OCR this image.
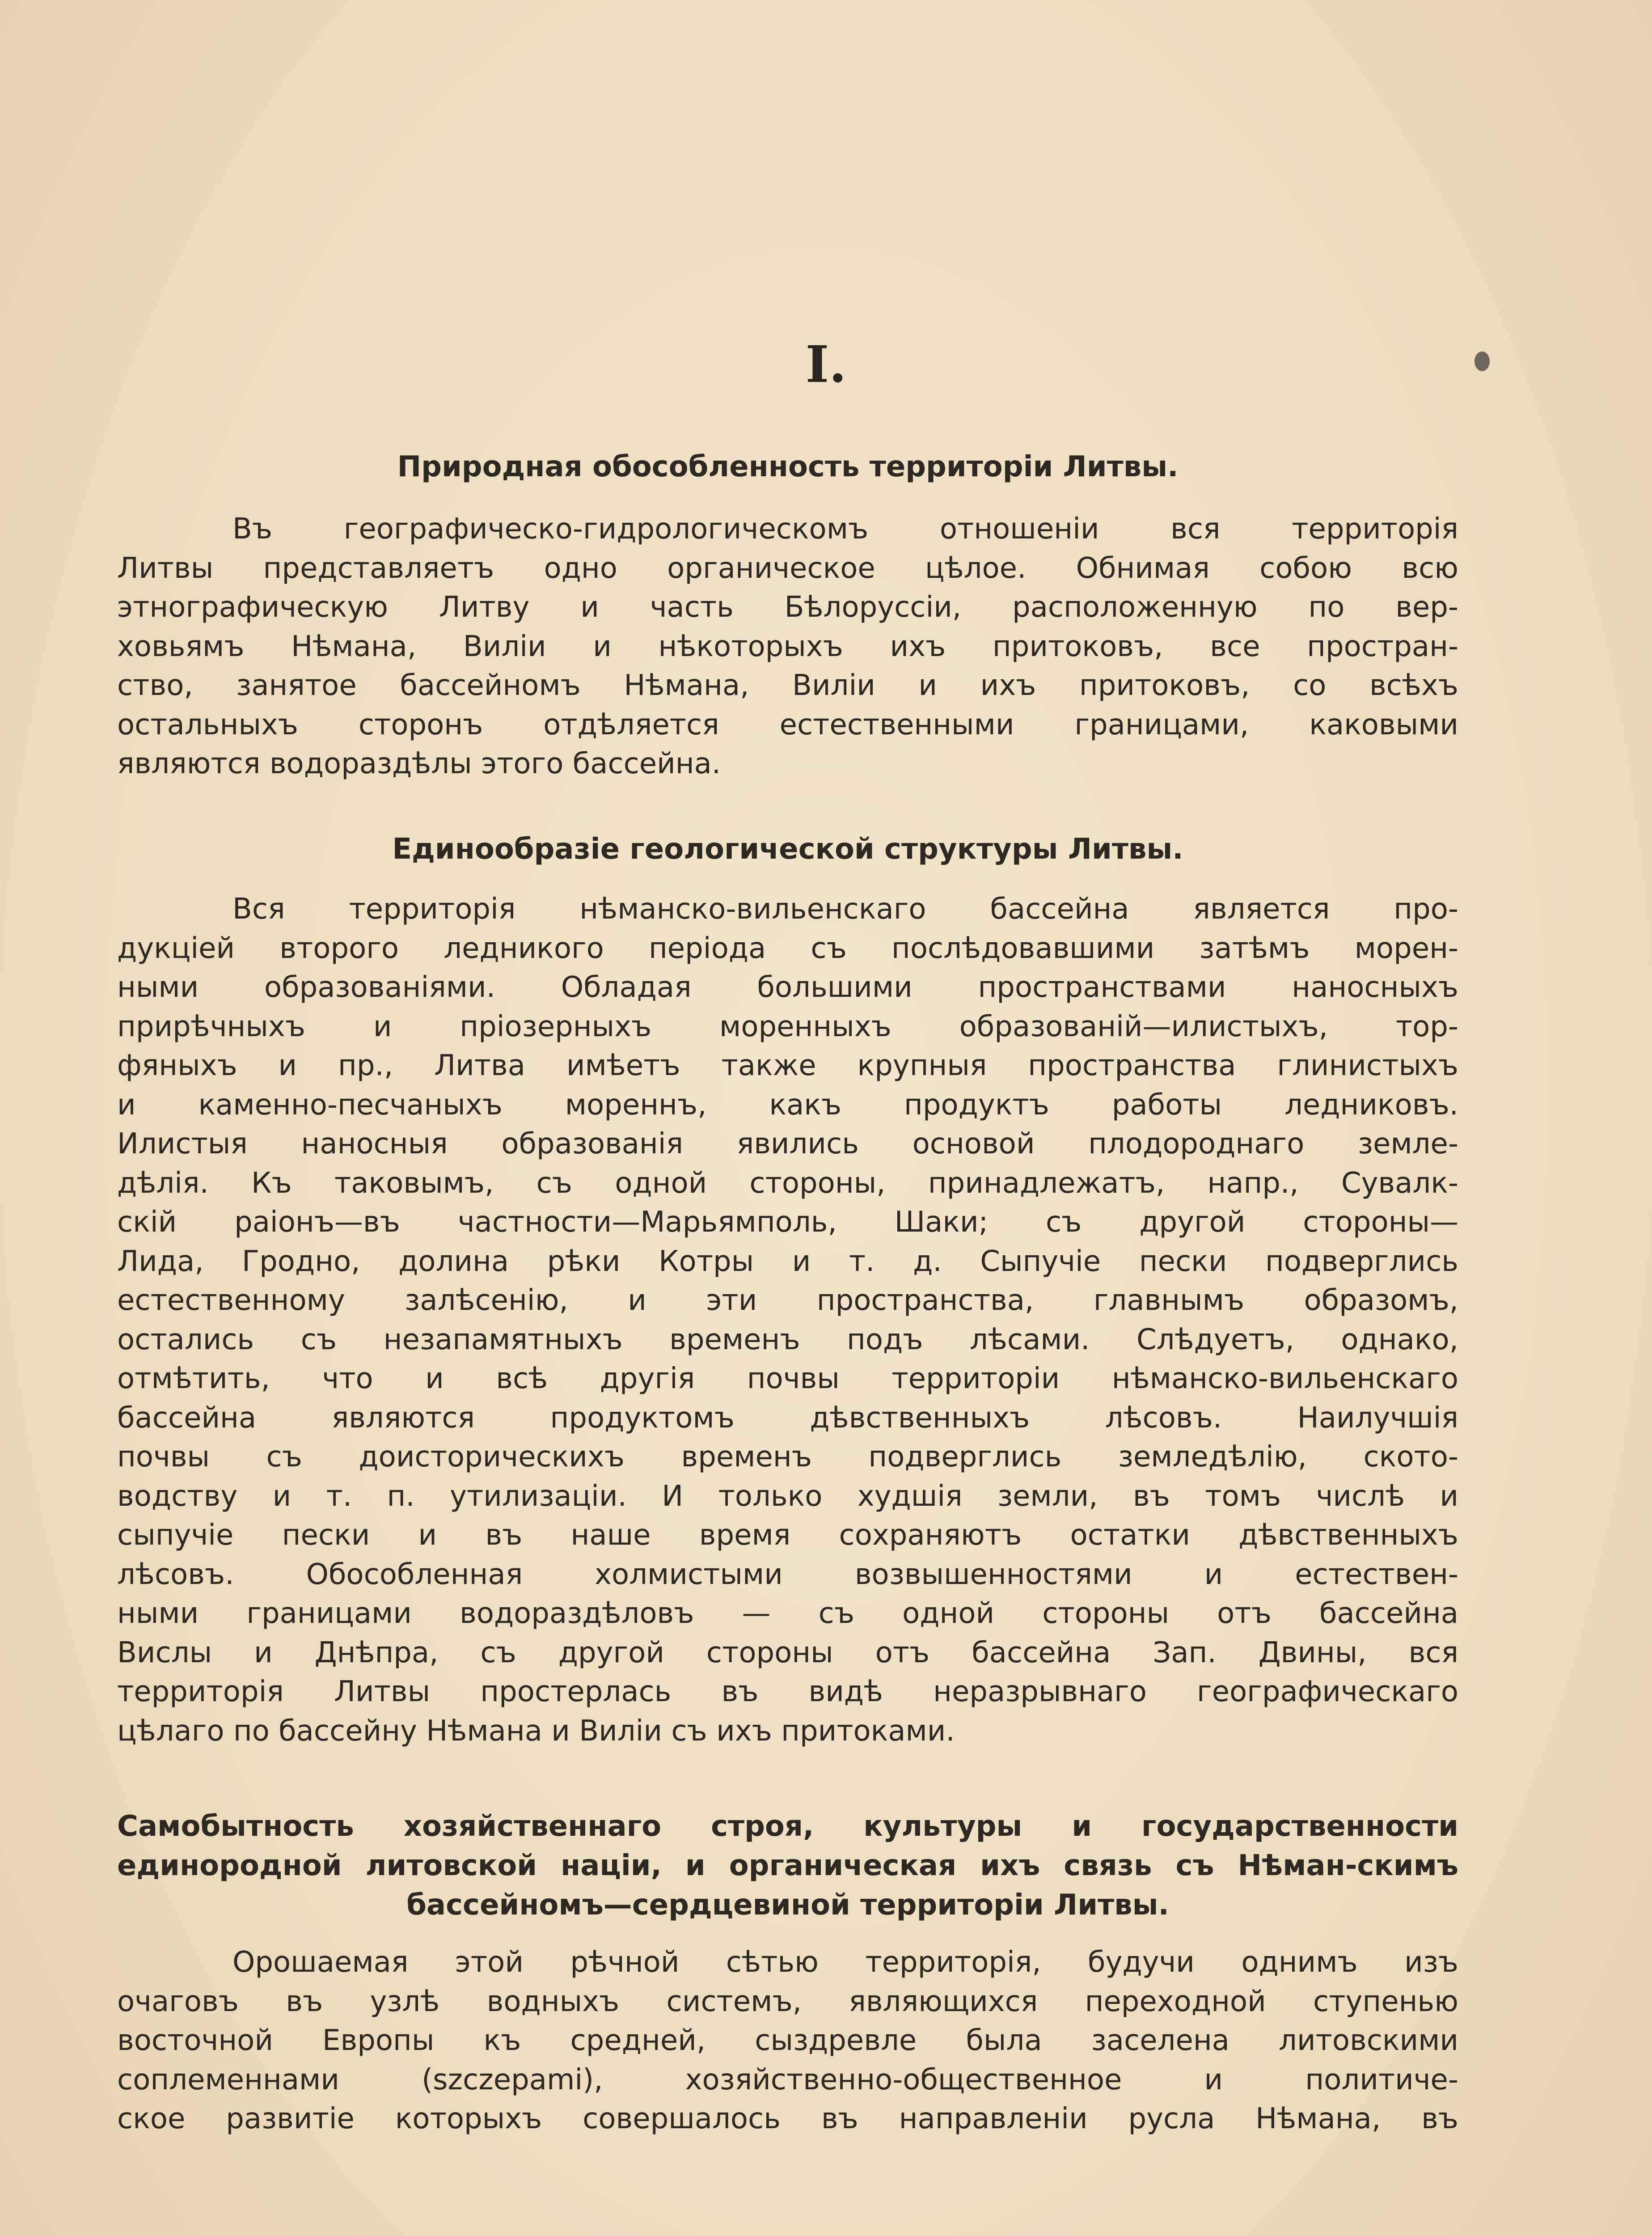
I.
Природная обособленность территорiи Литвы.
Въ географическо-гидрологическомъ отношенiи вся территорiя
Литвы представляетъ одно органическое цѣлое. Обнимая собою всю
этнографическую Литву и часть Бѣлоруссiи, расположенную по вер-
ховьямъ Нѣмана, Вилiи и нѣкоторыхъ ихъ притоковъ, все простран-
ство, занятое бассейномъ Нѣмана, Вилiи и ихъ притоковъ, со всѣхъ
остальныхъ сторонъ отдѣляется естественными границами, каковыми
являются водораздѣлы этого бассейна.
Единообразiе геологической структуры Литвы.
Вся территорiя нѣманско-вильенскаго бассейна является про-
дукцiей второго ледникого перiода съ послѣдовавшими затѣмъ морен-
ными образованiями. Обладая большими пространствами наносныхъ
прирѣчныхъ и прiозерныхъ моренныхъ образованiй—илистыхъ, тор-
фяныхъ и пр., Литва имѣетъ также крупныя пространства глинистыхъ
и каменно-песчаныхъ мореннъ, какъ продуктъ работы ледниковъ.
Илистыя наносныя образованiя явились основой плодороднаго земле-
дѣлiя. Къ таковымъ, съ одной стороны, принадлежатъ, напр., Сувалк-
скiй раiонъ—въ частности—Марьямполь, Шаки; съ другой стороны—
Лида, Гродно, долина рѣки Котры и т. д. Сыпучiе пески подверглись
естественному залѣсенiю, и эти пространства, главнымъ образомъ,
остались съ незапамятныхъ временъ подъ лѣсами. Слѣдуетъ, однако,
отмѣтить, что и всѣ другiя почвы территорiи нѣманско-вильенскаго
бассейна являются продуктомъ дѣвственныхъ лѣсовъ. Наилучшiя
почвы съ доисторическихъ временъ подверглись земледѣлiю, ското-
водству и т. п. утилизацiи. И только худшiя земли, въ томъ числѣ и
сыпучiе пески и въ наше время сохраняютъ остатки дѣвственныхъ
лѣсовъ. Обособленная холмистыми возвышенностями и естествен-
ными границами водораздѣловъ — съ одной стороны отъ бассейна
Вислы и Днѣпра, съ другой стороны отъ бассейна Зап. Двины, вся
территорiя Литвы простерлась въ видѣ неразрывнаго географическаго
цѣлаго по бассейну Нѣмана и Вилiи съ ихъ притоками.
Самобытность хозяйственнаго строя, культуры и государственности единородной литовской нацiи, и органическая ихъ связь съ Нѣман-скимъ бассейномъ—сердцевиной территорiи Литвы.
Орошаемая этой рѣчной сѣтью территорiя, будучи однимъ изъ
очаговъ въ узлѣ водныхъ системъ, являющихся переходной ступенью
восточной Европы къ средней, сыздревле была заселена литовскими
соплеменнами (szczepami), хозяйственно-общественное и политиче-
ское развитiе которыхъ совершалось въ направленiи русла Нѣмана, въ
